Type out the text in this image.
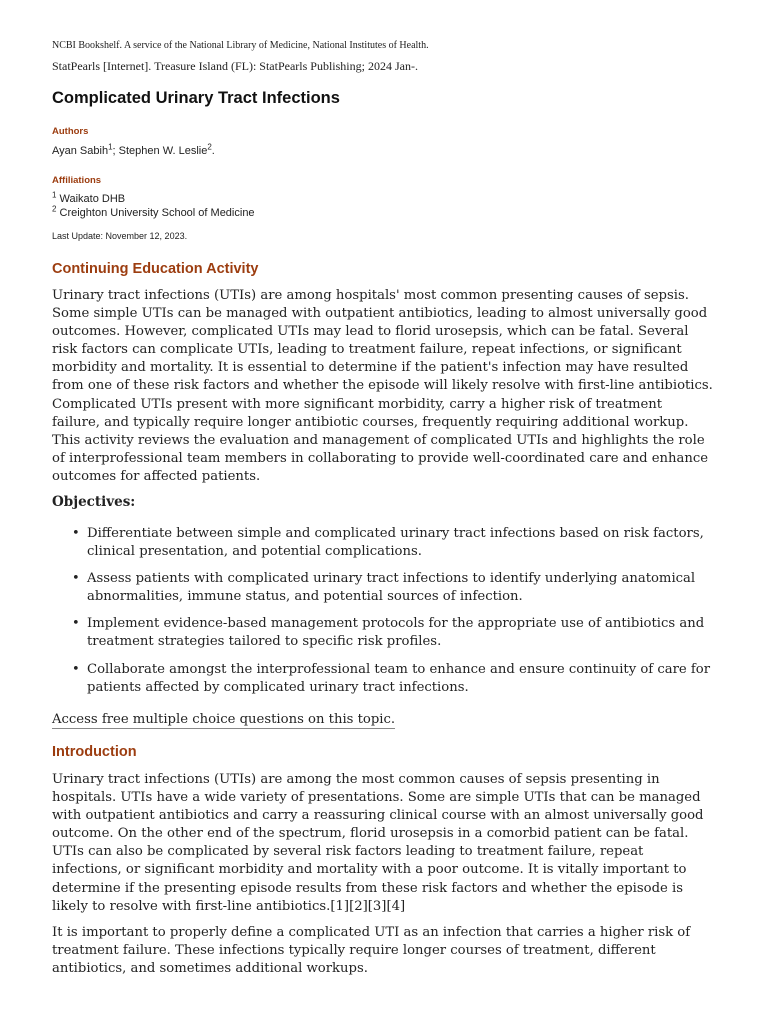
NCBI Bookshelf. A service of the National Library of Medicine, National Institutes of Health.
StatPearls [Internet]. Treasure Island (FL): StatPearls Publishing; 2024 Jan-.
Complicated Urinary Tract Infections
Authors
Ayan Sabih$^1$; Stephen W. Leslie$^2$.
Affiliations
$^1$ Waikato DHB
$^2$ Creighton University School of Medicine
Last Update: November 12, 2023.
Continuing Education Activity

Urinary tract infections (UTIs) are among hospitals' most common presenting causes of sepsis. Some simple UTIs can be managed with outpatient antibiotics, leading to almost universally good outcomes. However, complicated UTIs may lead to florid urosepsis, which can be fatal. Several risk factors can complicate UTIs, leading to treatment failure, repeat infections, or significant morbidity and mortality. It is essential to determine if the patient's infection may have resulted from one of these risk factors and whether the episode will likely resolve with first-line antibiotics. Complicated UTIs present with more significant morbidity, carry a higher risk of treatment failure, and typically require longer antibiotic courses, frequently requiring additional workup. This activity reviews the evaluation and management of complicated UTIs and highlights the role of interprofessional team members in collaborating to provide well-coordinated care and enhance outcomes for affected patients.

Objectives:
• Differentiate between simple and complicated urinary tract infections based on risk factors, clinical presentation, and potential complications.
• Assess patients with complicated urinary tract infections to identify underlying anatomical abnormalities, immune status, and potential sources of infection.
• Implement evidence-based management protocols for the appropriate use of antibiotics and treatment strategies tailored to specific risk profiles.
• Collaborate amongst the interprofessional team to enhance and ensure continuity of care for patients affected by complicated urinary tract infections.
Access free multiple choice questions on this topic.
Introduction

Urinary tract infections (UTIs) are among the most common causes of sepsis presenting in hospitals. UTIs have a wide variety of presentations. Some are simple UTIs that can be managed with outpatient antibiotics and carry a reassuring clinical course with an almost universally good outcome. On the other end of the spectrum, florid urosepsis in a comorbid patient can be fatal. UTIs can also be complicated by several risk factors leading to treatment failure, repeat infections, or significant morbidity and mortality with a poor outcome. It is vitally important to determine if the presenting episode results from these risk factors and whether the episode is likely to resolve with first-line antibiotics.[1][2][3][4]

It is important to properly define a complicated UTI as an infection that carries a higher risk of treatment failure. These infections typically require longer courses of treatment, different antibiotics, and sometimes additional workups.
